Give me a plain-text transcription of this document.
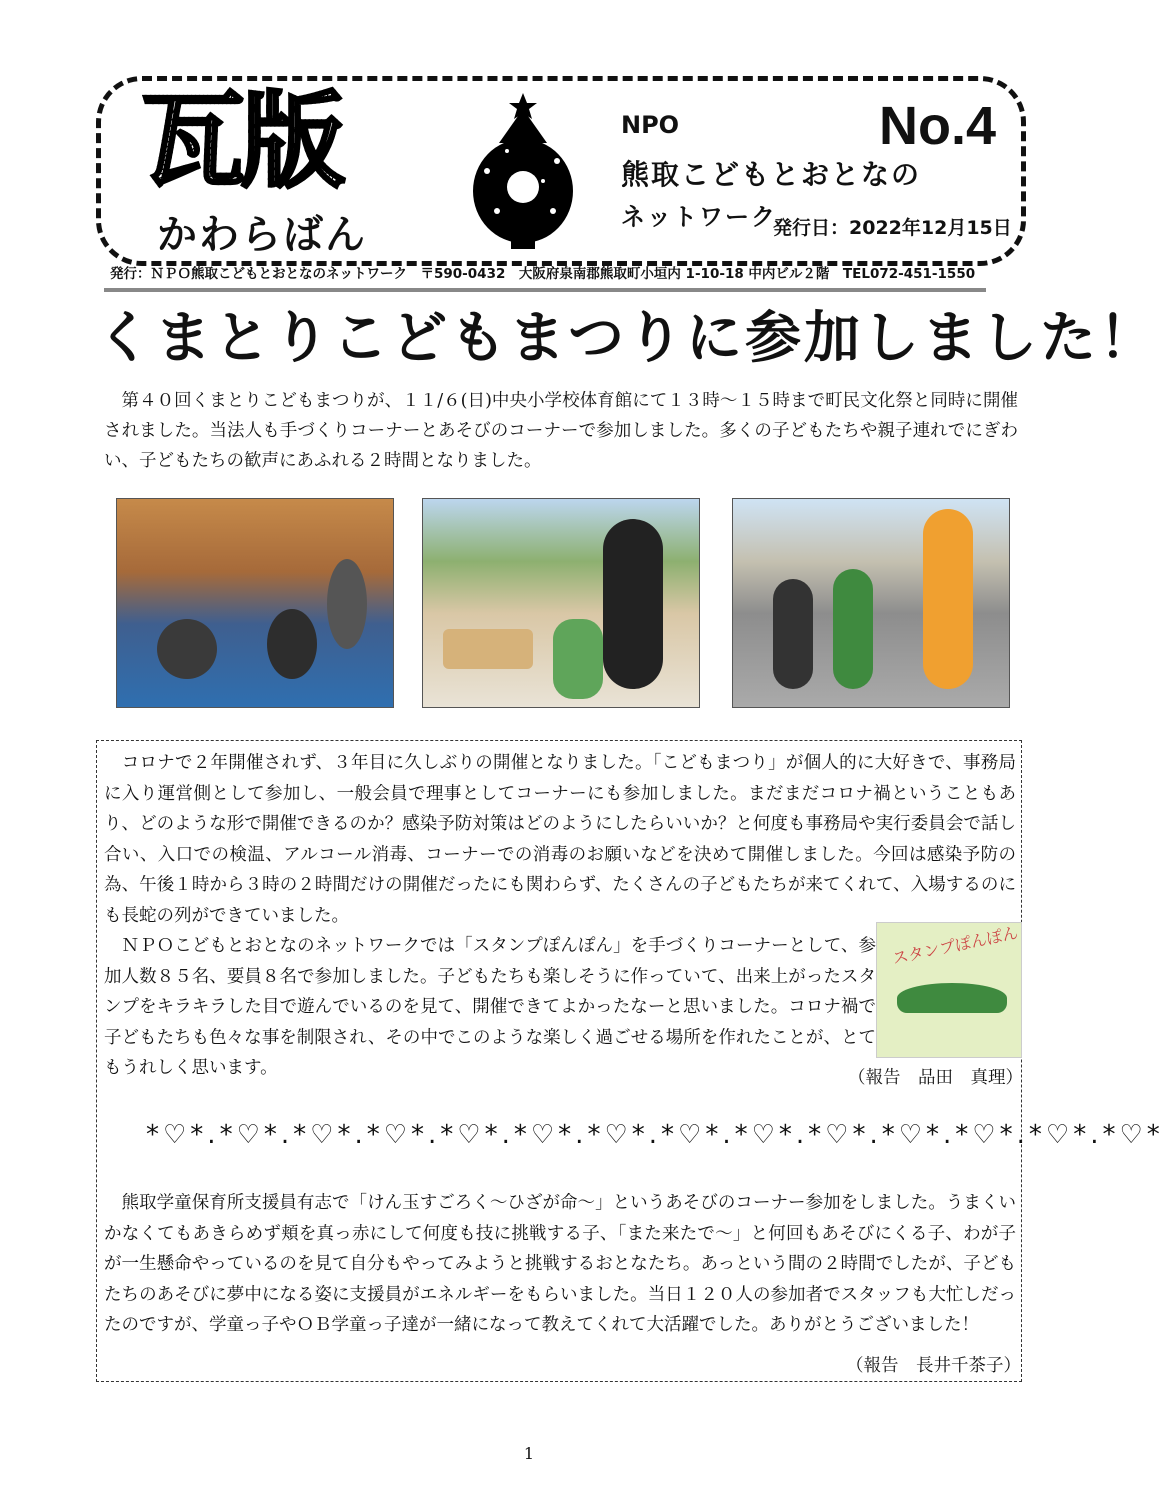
瓦版
かわらばん
NPO
熊取こどもとおとなの
ネットワーク
No.4
発行日：2022年12月15日
発行：ＮＰＯ熊取こどもとおとなのネットワーク　〒590-0432　大阪府泉南郡熊取町小垣内 1-10-18 中内ビル２階　TEL072-451-1550
くまとりこどもまつりに参加しました！
　第４０回くまとりこどもまつりが、１１/６(日)中央小学校体育館にて１３時～１５時まで町民文化祭と同時に開催されました。当法人も手づくりコーナーとあそびのコーナーで参加しました。多くの子どもたちや親子連れでにぎわい、子どもたちの歓声にあふれる２時間となりました。
　コロナで２年開催されず、３年目に久しぶりの開催となりました。「こどもまつり」が個人的に大好きで、事務局に入り運営側として参加し、一般会員で理事としてコーナーにも参加しました。まだまだコロナ禍ということもあり、どのような形で開催できるのか？感染予防対策はどのようにしたらいいか？と何度も事務局や実行委員会で話し合い、入口での検温、アルコール消毒、コーナーでの消毒のお願いなどを決めて開催しました。今回は感染予防の為、午後１時から３時の２時間だけの開催だったにも関わらず、たくさんの子どもたちが来てくれて、入場するのにも長蛇の列ができていました。
　ＮＰＯこどもとおとなのネットワークでは「スタンプぽんぽん」を手づくりコーナーとして、参加人数８５名、要員８名で参加しました。子どもたちも楽しそうに作っていて、出来上がったスタンプをキラキラした目で遊んでいるのを見て、開催できてよかったなーと思いました。コロナ禍で子どもたちも色々な事を制限され、その中でこのような楽しく過ごせる場所を作れたことが、とてもうれしく思います。
スタンプぽんぽん
（報告　品田　真理）
*♡*.*♡*.*♡*.*♡*.*♡*.*♡*.*♡*.*♡*.*♡*.*♡*.*♡*.*♡*.*♡*.*♡*
　熊取学童保育所支援員有志で「けん玉すごろく～ひざが命～」というあそびのコーナー参加をしました。うまくいかなくてもあきらめず頬を真っ赤にして何度も技に挑戦する子、「また来たで～」と何回もあそびにくる子、わが子が一生懸命やっているのを見て自分もやってみようと挑戦するおとなたち。あっという間の２時間でしたが、子どもたちのあそびに夢中になる姿に支援員がエネルギーをもらいました。当日１２０人の参加者でスタッフも大忙しだったのですが、学童っ子やＯＢ学童っ子達が一緒になって教えてくれて大活躍でした。ありがとうございました！
（報告　長井千茶子）
1
